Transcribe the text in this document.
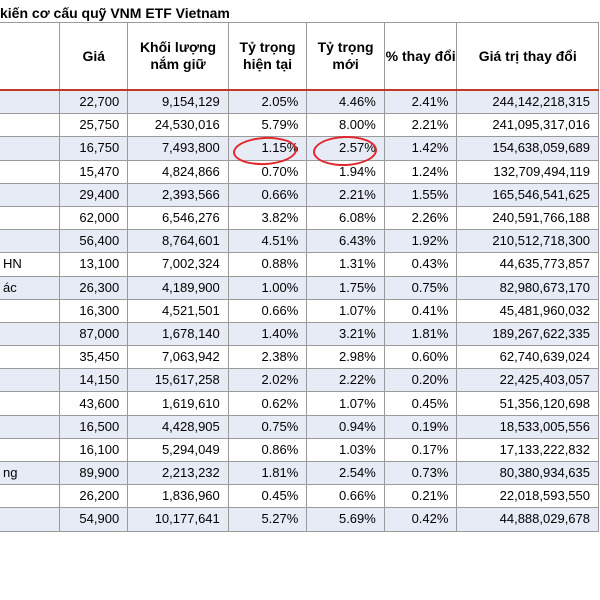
kiến cơ cấu quỹ VNM ETF Vietnam
	Giá	Khối lượng nắm giữ	Tỷ trọng hiện tại	Tỷ trọng mới	% thay đổi	Giá trị thay đổi
	22,700	9,154,129	2.05%	4.46%	2.41%	244,142,218,315
	25,750	24,530,016	5.79%	8.00%	2.21%	241,095,317,016
	16,750	7,493,800	1.15%	2.57%	1.42%	154,638,059,689
	15,470	4,824,866	0.70%	1.94%	1.24%	132,709,494,119
	29,400	2,393,566	0.66%	2.21%	1.55%	165,546,541,625
	62,000	6,546,276	3.82%	6.08%	2.26%	240,591,766,188
	56,400	8,764,601	4.51%	6.43%	1.92%	210,512,718,300
HN	13,100	7,002,324	0.88%	1.31%	0.43%	44,635,773,857
ác	26,300	4,189,900	1.00%	1.75%	0.75%	82,980,673,170
	16,300	4,521,501	0.66%	1.07%	0.41%	45,481,960,032
	87,000	1,678,140	1.40%	3.21%	1.81%	189,267,622,335
	35,450	7,063,942	2.38%	2.98%	0.60%	62,740,639,024
	14,150	15,617,258	2.02%	2.22%	0.20%	22,425,403,057
	43,600	1,619,610	0.62%	1.07%	0.45%	51,356,120,698
	16,500	4,428,905	0.75%	0.94%	0.19%	18,533,005,556
	16,100	5,294,049	0.86%	1.03%	0.17%	17,133,222,832
ng	89,900	2,213,232	1.81%	2.54%	0.73%	80,380,934,635
	26,200	1,836,960	0.45%	0.66%	0.21%	22,018,593,550
	54,900	10,177,641	5.27%	5.69%	0.42%	44,888,029,678
